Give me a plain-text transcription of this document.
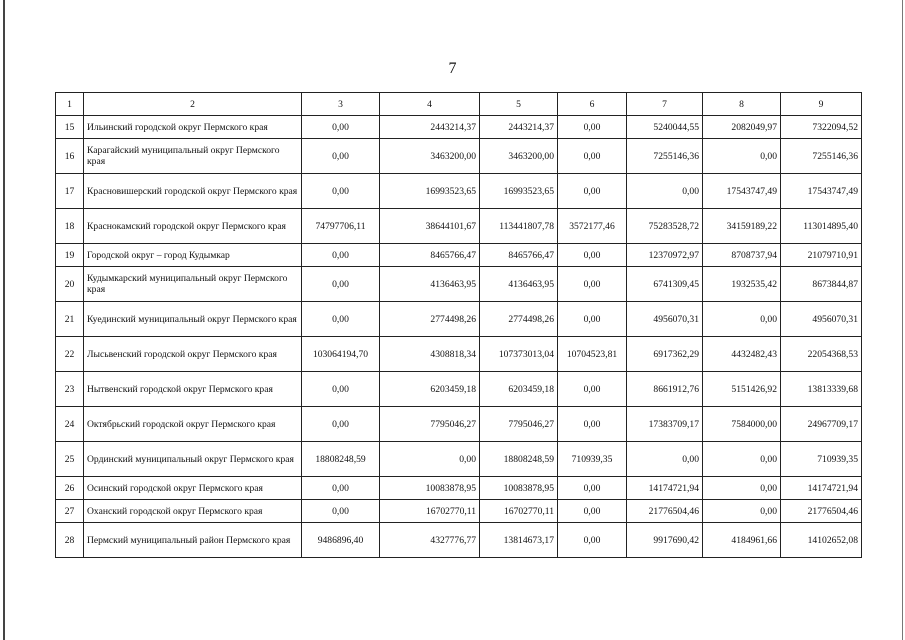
7
1	2	3	4	5	6	7	8	9
15	Ильинский городской округ Пермского края	0,00	2443214,37	2443214,37	0,00	5240044,55	2082049,97	7322094,52
16	Карагайский муниципальный округ Пермского края	0,00	3463200,00	3463200,00	0,00	7255146,36	0,00	7255146,36
17	Красновишерский городской округ Пермского края	0,00	16993523,65	16993523,65	0,00	0,00	17543747,49	17543747,49
18	Краснокамский городской округ Пермского края	74797706,11	38644101,67	113441807,78	3572177,46	75283528,72	34159189,22	113014895,40
19	Городской округ – город Кудымкар	0,00	8465766,47	8465766,47	0,00	12370972,97	8708737,94	21079710,91
20	Кудымкарский муниципальный округ Пермского края	0,00	4136463,95	4136463,95	0,00	6741309,45	1932535,42	8673844,87
21	Куединский муниципальный округ Пермского края	0,00	2774498,26	2774498,26	0,00	4956070,31	0,00	4956070,31
22	Лысьвенский городской округ Пермского края	103064194,70	4308818,34	107373013,04	10704523,81	6917362,29	4432482,43	22054368,53
23	Нытвенский городской округ Пермского края	0,00	6203459,18	6203459,18	0,00	8661912,76	5151426,92	13813339,68
24	Октябрьский городской округ Пермского края	0,00	7795046,27	7795046,27	0,00	17383709,17	7584000,00	24967709,17
25	Ординский муниципальный округ Пермского края	18808248,59	0,00	18808248,59	710939,35	0,00	0,00	710939,35
26	Осинский городской округ Пермского края	0,00	10083878,95	10083878,95	0,00	14174721,94	0,00	14174721,94
27	Оханский городской округ Пермского края	0,00	16702770,11	16702770,11	0,00	21776504,46	0,00	21776504,46
28	Пермский муниципальный район Пермского края	9486896,40	4327776,77	13814673,17	0,00	9917690,42	4184961,66	14102652,08
